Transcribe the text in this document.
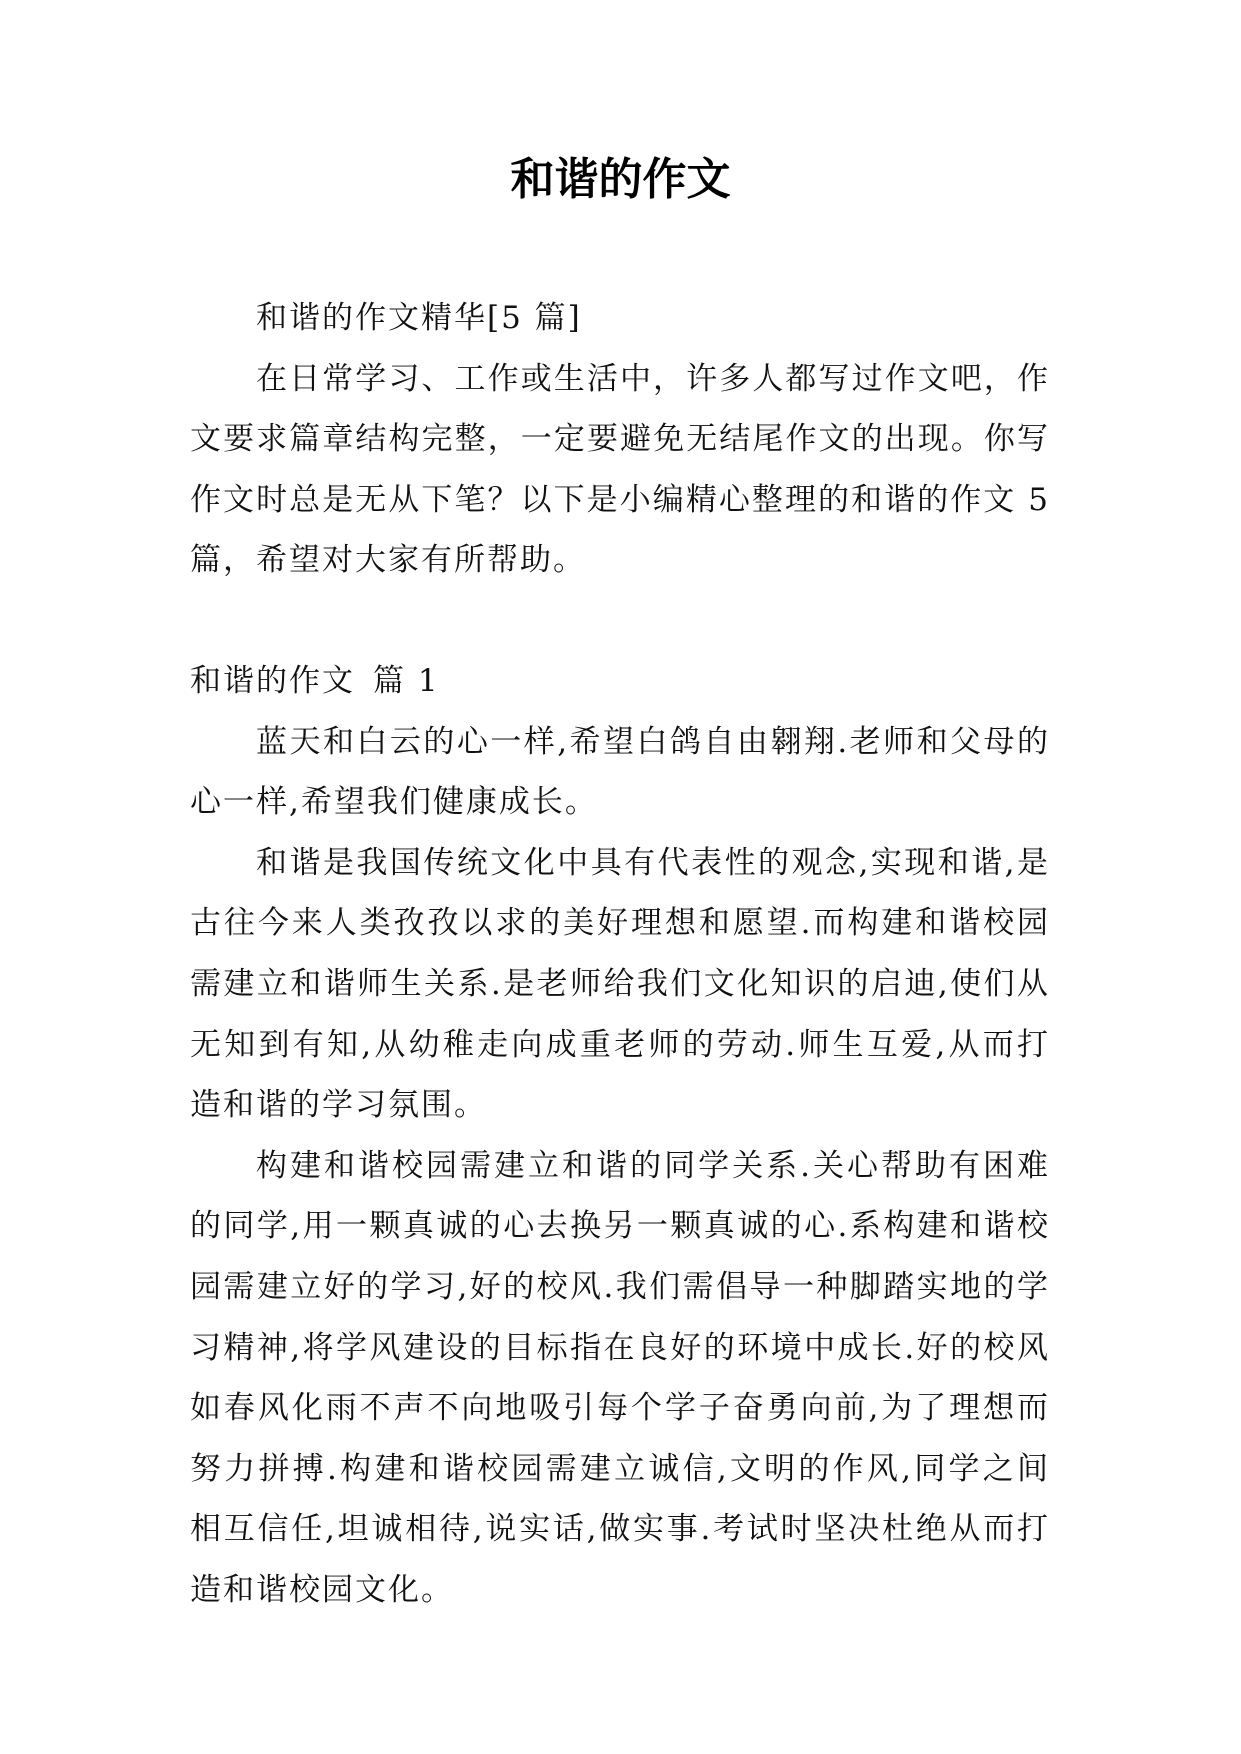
和谐的作文

和谐的作文精华[5 篇]

在日常学习、工作或生活中，许多人都写过作文吧，作文要求篇章结构完整，一定要避免无结尾作文的出现。你写作文时总是无从下笔？以下是小编精心整理的和谐的作文 5篇，希望对大家有所帮助。

和谐的作文 篇 1

蓝天和白云的心一样,希望白鸽自由翱翔.老师和父母的心一样,希望我们健康成长。

和谐是我国传统文化中具有代表性的观念,实现和谐,是古往今来人类孜孜以求的美好理想和愿望.而构建和谐校园需建立和谐师生关系.是老师给我们文化知识的启迪,使们从无知到有知,从幼稚走向成重老师的劳动.师生互爱,从而打造和谐的学习氛围。

构建和谐校园需建立和谐的同学关系.关心帮助有困难的同学,用一颗真诚的心去换另一颗真诚的心.系构建和谐校园需建立好的学习,好的校风.我们需倡导一种脚踏实地的学习精神,将学风建设的目标指在良好的环境中成长.好的校风如春风化雨不声不向地吸引每个学子奋勇向前,为了理想而努力拼搏.构建和谐校园需建立诚信,文明的作风,同学之间相互信任,坦诚相待,说实话,做实事.考试时坚决杜绝从而打造和谐校园文化。
